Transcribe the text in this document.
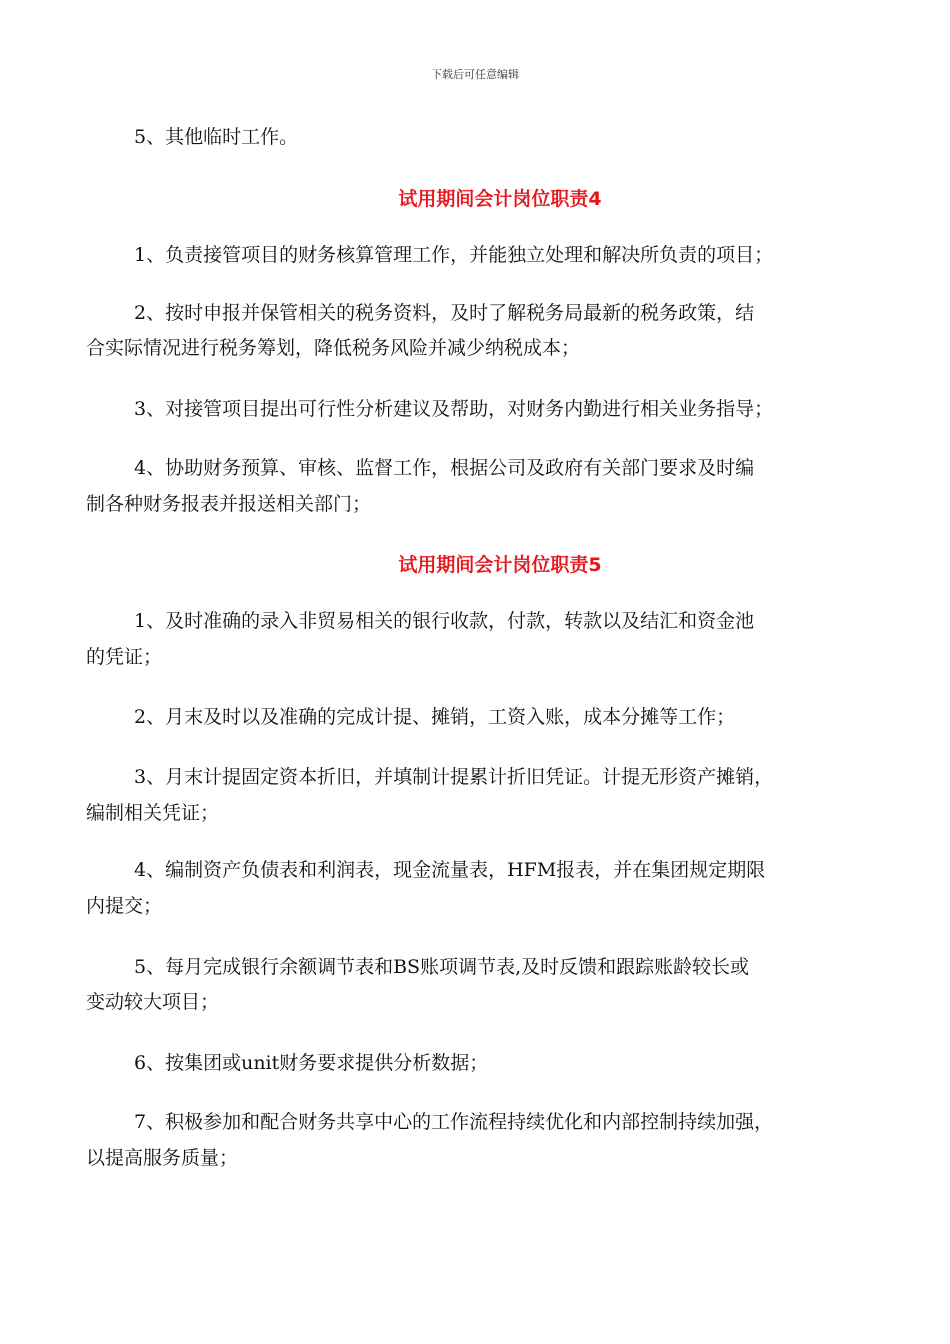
下载后可任意编辑
5、其他临时工作。
试用期间会计岗位职责4
1、负责接管项目的财务核算管理工作，并能独立处理和解决所负责的项目；
2、按时申报并保管相关的税务资料，及时了解税务局最新的税务政策，结
合实际情况进行税务筹划，降低税务风险并减少纳税成本；
3、对接管项目提出可行性分析建议及帮助，对财务内勤进行相关业务指导；
4、协助财务预算、审核、监督工作，根据公司及政府有关部门要求及时编
制各种财务报表并报送相关部门；
试用期间会计岗位职责5
1、及时准确的录入非贸易相关的银行收款，付款，转款以及结汇和资金池
的凭证；
2、月末及时以及准确的完成计提、摊销，工资入账，成本分摊等工作；
3、月末计提固定资本折旧，并填制计提累计折旧凭证。计提无形资产摊销，
编制相关凭证；
4、编制资产负债表和利润表，现金流量表，HFM报表，并在集团规定期限
内提交；
5、每月完成银行余额调节表和BS账项调节表,及时反馈和跟踪账龄较长或
变动较大项目；
6、按集团或unit财务要求提供分析数据；
7、积极参加和配合财务共享中心的工作流程持续优化和内部控制持续加强，
以提高服务质量；
